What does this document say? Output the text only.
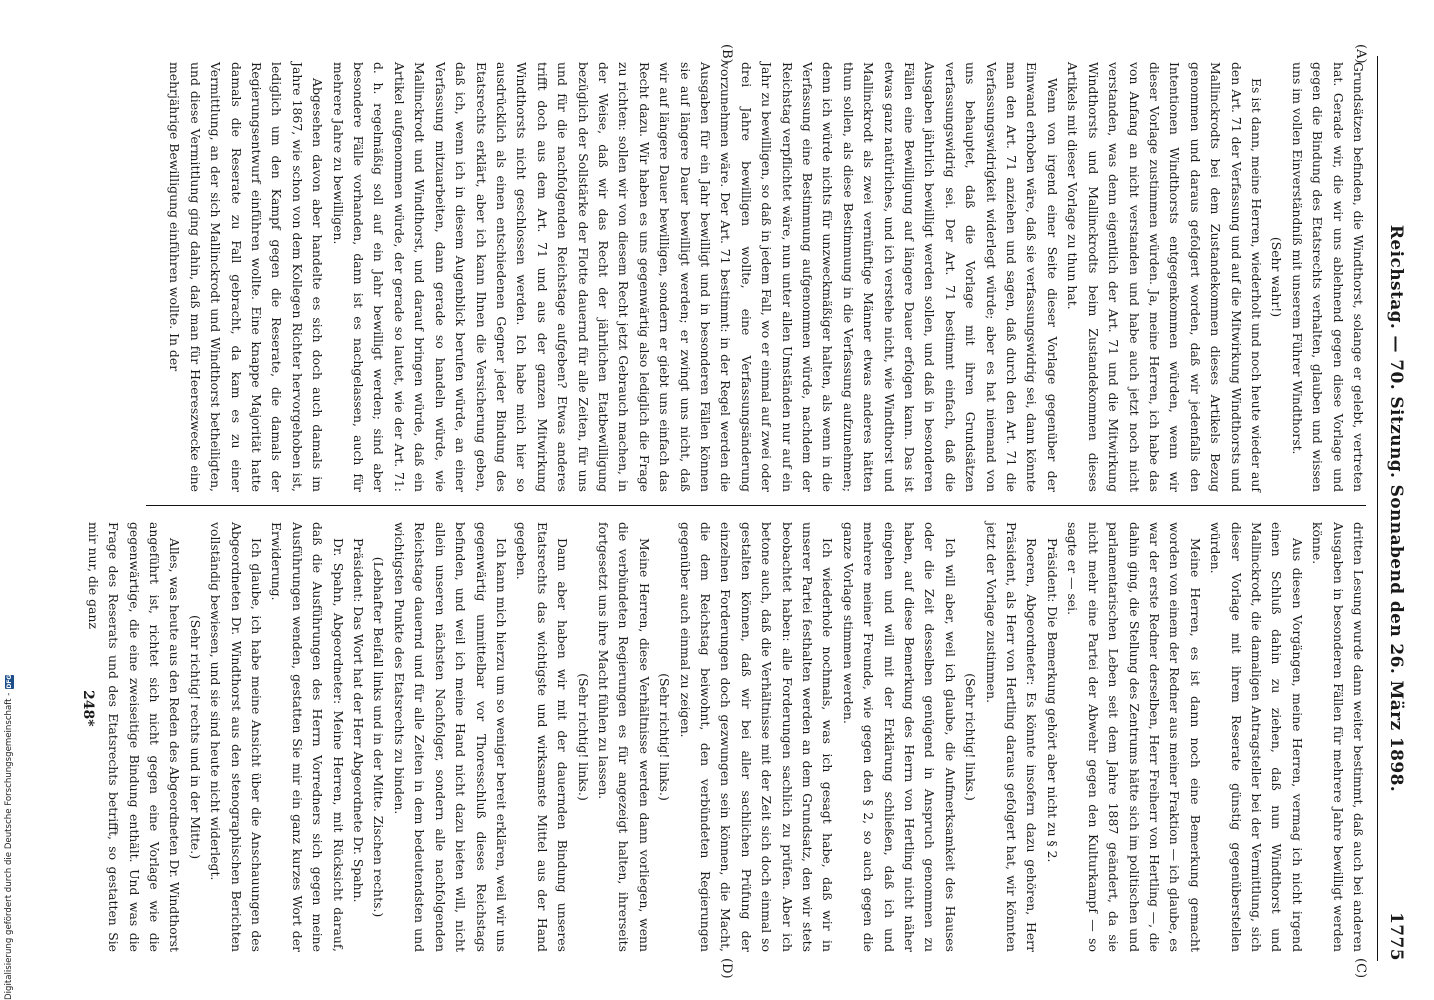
Reichstag. — 70. Sitzung. Sonnabend den 26. März 1898.
1775
(A)
(B)
(C)
(D)

Grundsätzen befinden, die Windthorst, solange er gelebt, vertreten hat. Gerade wir, die wir uns ablehnend gegen diese Vorlage und gegen die Bindung des Etatsrechts verhalten, glauben und wissen uns im vollen Einverständniß mit unserem Führer Windthorst.

(Sehr wahr!)

Es ist dann, meine Herren, wiederholt und noch heute wieder auf den Art. 71 der Verfassung und auf die Mitwirkung Windthorsts und Mallinckrodts bei dem Zustandekommen dieses Artikels Bezug genommen und daraus gefolgert worden, daß wir jedenfalls den Intentionen Windthorsts entgegenkommen würden, wenn wir dieser Vorlage zustimmen würden. Ja, meine Herren, ich habe das von Anfang an nicht verstanden und habe auch jetzt noch nicht verstanden, was denn eigentlich der Art. 71 und die Mitwirkung Windthorsts und Mallinckrodts beim Zustandekommen dieses Artikels mit dieser Vorlage zu thun hat.

Wenn von irgend einer Seite dieser Vorlage gegenüber der Einwand erhoben wäre, daß sie verfassungswidrig sei, dann könnte man den Art. 71 anziehen und sagen, daß durch den Art. 71 die Verfassungswidrigkeit widerlegt würde; aber es hat niemand von uns behauptet, daß die Vorlage mit ihren Grundsätzen verfassungswidrig sei. Der Art. 71 bestimmt einfach, daß die Ausgaben jährlich bewilligt werden sollen, und daß in besonderen Fällen eine Bewilligung auf längere Dauer erfolgen kann. Das ist etwas ganz natürliches, und ich verstehe nicht, wie Windthorst und Mallinckrodt als zwei vernünftige Männer etwas anderes hätten thun sollen, als diese Bestimmung in die Verfassung aufzunehmen; denn ich würde nichts für unzweckmäßiger halten, als wenn in die Verfassung eine Bestimmung aufgenommen würde, nachdem der Reichstag verpflichtet wäre, nun unter allen Umständen nur auf ein Jahr zu bewilligen, so daß in jedem Fall, wo er einmal auf zwei oder drei Jahre bewilligen wollte, eine Verfassungsänderung vorzunehmen wäre. Der Art. 71 bestimmt: in der Regel werden die Ausgaben für ein Jahr bewilligt und in besonderen Fällen können sie auf längere Dauer bewilligt werden; er zwingt uns nicht, daß wir auf längere Dauer bewilligen, sondern er giebt uns einfach das Recht dazu. Wir haben es uns gegenwärtig also lediglich die Frage zu richten: sollen wir von diesem Recht jetzt Gebrauch machen, in der Weise, daß wir das Recht der jährlichen Etatbewilligung bezüglich der Sollstärke der Flotte dauernd für alle Zeiten, für uns und für die nachfolgenden Reichstage aufgeben? Etwas anderes trifft doch aus dem Art. 71 und aus der ganzen Mitwirkung Windthorsts nicht geschlossen werden. Ich habe mich hier so ausdrücklich als einen entschiedenen Gegner jeder Bindung des Etatsrechts erklärt, aber ich kann Ihnen die Versicherung geben, daß ich, wenn ich in diesem Augenblick berufen würde, an einer Verfassung mitzuarbeiten, dann gerade so handeln würde, wie Mallinckrodt und Windthorst, und darauf bringen würde, daß ein Artikel aufgenommen würde, der gerade so lautet, wie der Art. 71: d. h. regelmäßig soll auf ein Jahr bewilligt werden; sind aber besondere Fälle vorhanden, dann ist es nachgelassen, auch für mehrere Jahre zu bewilligen.

Abgesehen davon aber handelte es sich doch auch damals im Jahre 1867, wie schon von dem Kollegen Richter hervorgehoben ist, lediglich um den Kampf gegen die Reserate, die damals der Regierungsentwurf einführen wollte. Eine knappe Majorität hatte damals die Reserate zu Fall gebracht, da kam es zu einer Vermittlung, an der sich Mallinckrodt und Windthorst betheiligten, und diese Vermittlung ging dahin, daß man für Heereszwecke eine mehrjährige Bewilligung einführen wollte. In der

dritten Lesung wurde dann weiter bestimmt, daß auch bei anderen Ausgaben in besonderen Fällen für mehrere Jahre bewilligt werden könne.

Aus diesen Vorgängen, meine Herren, vermag ich nicht irgend einen Schluß dahin zu ziehen, daß nun Windthorst und Mallinckrodt, die damaligen Antragsteller bei der Vermittlung, sich dieser Vorlage mit ihrem Reserate günstig gegenüberstellen würden.

Meine Herren, es ist dann noch eine Bemerkung gemacht worden von einem der Redner aus meiner Fraktion — ich glaube, es war der erste Redner derselben, Herr Freiherr von Hertling —, die dahin ging, die Stellung des Zentrums hätte sich im politischen und parlamentarischen Leben seit dem Jahre 1887 geändert, da sie nicht mehr eine Partei der Abwehr gegen den Kulturkampf — so sagte er — sei.

Präsident: Die Bemerkung gehört aber nicht zu § 2.

Roeren, Abgeordneter: Es könnte insofern dazu gehören, Herr Präsident, als Herr von Hertling daraus gefolgert hat, wir könnten jetzt der Vorlage zustimmen.

(Sehr richtig! links.)

Ich will aber, weil ich glaube, die Aufmerksamkeit des Hauses oder die Zeit desselben genügend in Anspruch genommen zu haben, auf diese Bemerkung des Herrn von Hertling nicht näher eingehen und will mit der Erklärung schließen, daß ich und mehrere meiner Freunde, wie gegen den § 2, so auch gegen die ganze Vorlage stimmen werden.

Ich wiederhole nochmals, was ich gesagt habe, daß wir in unserer Partei festhalten werden an dem Grundsatz, den wir stets beobachtet haben: alle Forderungen sachlich zu prüfen. Aber ich betone auch, daß die Verhältnisse mit der Zeit sich doch einmal so gestalten können, daß wir bei aller sachlichen Prüfung der einzelnen Forderungen doch gezwungen sein können, die Macht, die dem Reichstag beiwohnt, den verbündeten Regierungen gegenüber auch einmal zu zeigen.

(Sehr richtig! links.)

Meine Herren, diese Verhältnisse werden dann vorliegen, wenn die verbündeten Regierungen es für angezeigt halten, ihrerseits fortgesetzt uns ihre Macht fühlen zu lassen.

(Sehr richtig! links.)

Dann aber haben wir mit der dauernden Bindung unseres Etatsrechts das wichtigste und wirksamste Mittel aus der Hand gegeben.

Ich kann mich hierzu um so weniger bereit erklären, weil wir uns gegenwärtig unmittelbar vor Thoresschluß dieses Reichstags befinden, und weil ich meine Hand nicht dazu bieten will, nicht allein unseren nächsten Nachfolger, sondern alle nachfolgenden Reichstage dauernd und für alle Zeiten in dem bedeutendsten und wichtigsten Punkte des Etatsrechts zu binden.

(Lebhafter Beifall links und in der Mitte. Zischen rechts.)

Präsident: Das Wort hat der Herr Abgeordnete Dr. Spahn.

Dr. Spahn, Abgeordneter: Meine Herren, mit Rücksicht darauf, daß die Ausführungen des Herrn Vorredners sich gegen meine Ausführungen wenden, gestatten Sie mir ein ganz kurzes Wort der Erwiderung.

Ich glaube, ich habe meine Ansicht über die Anschauungen des Abgeordneten Dr. Windthorst aus den stenographischen Berichten vollständig bewiesen, und sie sind heute nicht widerlegt.

(Sehr richtig! rechts und in der Mitte.)

Alles, was heute aus den Reden des Abgeordneten Dr. Windthorst angeführt ist, richtet sich nicht gegen eine Vorlage wie die gegenwärtige, die eine zweiseitige Bindung enthält. Und was die Frage des Reserats und des Etatsrechts betrifft, so gestatten Sie mir nur, die ganz

248*
Digitalisierung gefördert durch die Deutsche Forschungsgemeinschaft -
DFG
